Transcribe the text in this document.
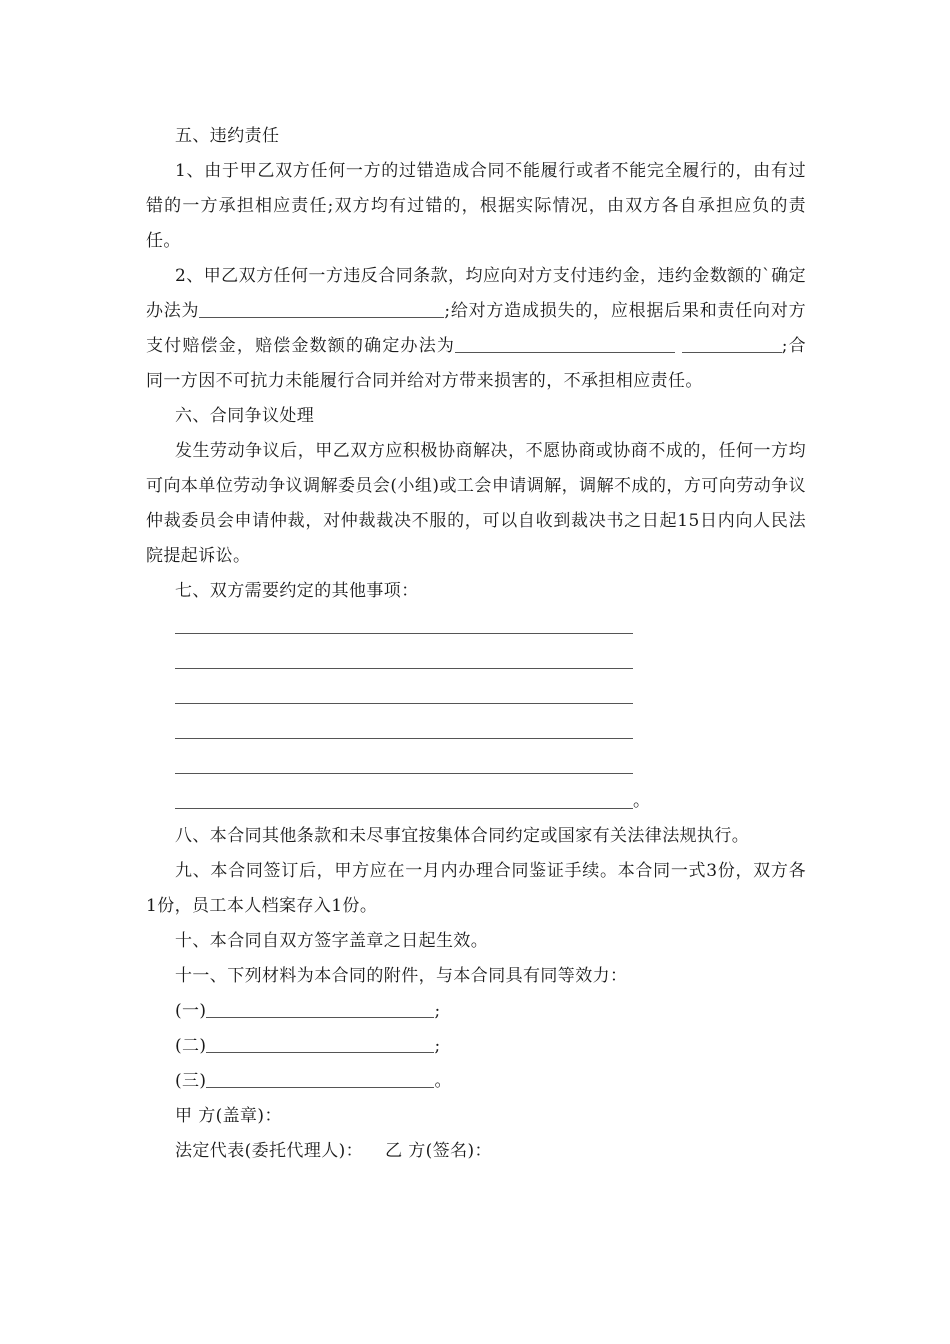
五、违约责任

1、由于甲乙双方任何一方的过错造成合同不能履行或者不能完全履行的，由有过错的一方承担相应责任;双方均有过错的，根据实际情况，由双方各自承担应负的责任。

2、甲乙双方任何一方违反合同条款，均应向对方支付违约金，违约金数额的`确定办法为	;给对方造成损失的，应根据后果和责任向对方支付赔偿金，赔偿金数额的确定办法为	;合同一方因不可抗力未能履行合同并给对方带来损害的，不承担相应责任。

六、合同争议处理

发生劳动争议后，甲乙双方应积极协商解决，不愿协商或协商不成的，任何一方均可向本单位劳动争议调解委员会(小组)或工会申请调解，调解不成的，方可向劳动争议仲裁委员会申请仲裁，对仲裁裁决不服的，可以自收到裁决书之日起15日内向人民法院提起诉讼。

七、双方需要约定的其他事项：

。

八、本合同其他条款和未尽事宜按集体合同约定或国家有关法律法规执行。

九、本合同签订后，甲方应在一月内办理合同鉴证手续。本合同一式3份，双方各1份，员工本人档案存入1份。

十、本合同自双方签字盖章之日起生效。

十一、下列材料为本合同的附件，与本合同具有同等效力：

(一)	;

(二)	;

(三)	。

甲 方(盖章)：

法定代表(委托代理人)： 乙 方(签名)：
